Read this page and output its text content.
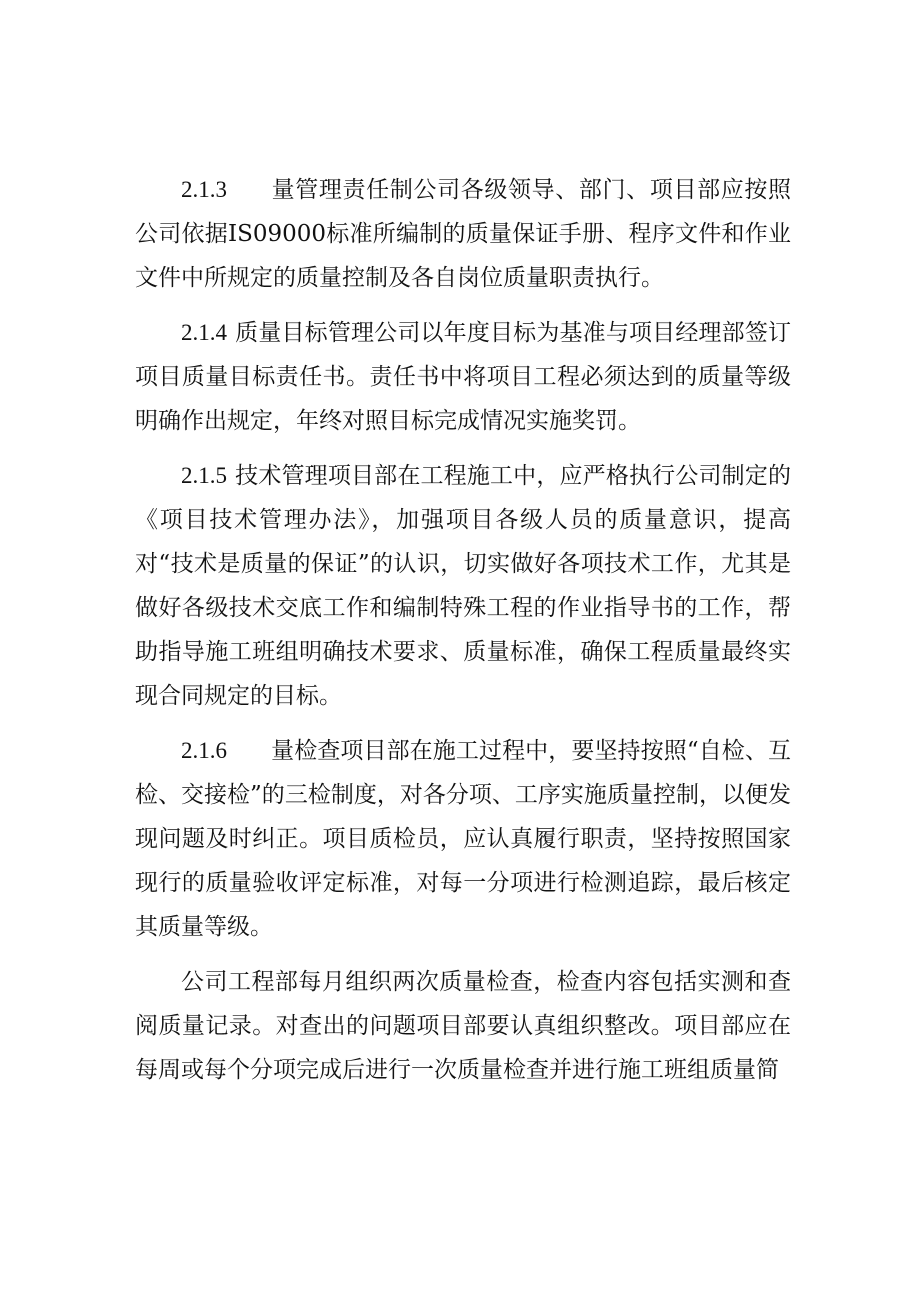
2.1.3 量管理责任制公司各级领导、部门、项目部应按照公司依据IS09000标准所编制的质量保证手册、程序文件和作业文件中所规定的质量控制及各自岗位质量职责执行。

2.1.4 质量目标管理公司以年度目标为基准与项目经理部签订项目质量目标责任书。责任书中将项目工程必须达到的质量等级明确作出规定，年终对照目标完成情况实施奖罚。

2.1.5 技术管理项目部在工程施工中，应严格执行公司制定的《项目技术管理办法》，加强项目各级人员的质量意识，提高对“技术是质量的保证”的认识，切实做好各项技术工作，尤其是做好各级技术交底工作和编制特殊工程的作业指导书的工作，帮助指导施工班组明确技术要求、质量标准，确保工程质量最终实现合同规定的目标。

2.1.6 量检查项目部在施工过程中，要坚持按照“自检、互检、交接检”的三检制度，对各分项、工序实施质量控制，以便发现问题及时纠正。项目质检员，应认真履行职责，坚持按照国家现行的质量验收评定标准，对每一分项进行检测追踪，最后核定其质量等级。

公司工程部每月组织两次质量检查，检查内容包括实测和查阅质量记录。对查出的问题项目部要认真组织整改。项目部应在每周或每个分项完成后进行一次质量检查并进行施工班组质量简
